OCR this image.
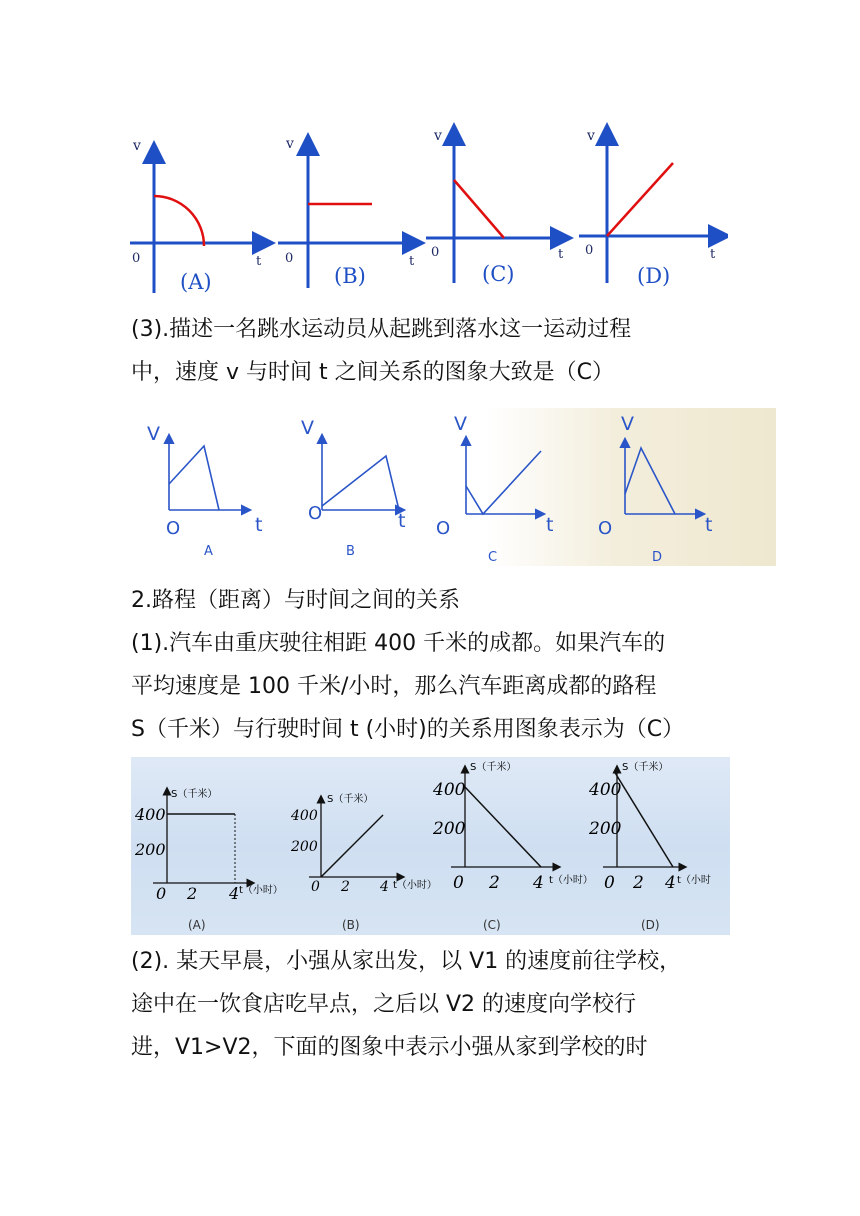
v
0	t
(A)
v
0	t
(B)
v
0	t
(C)
v
0	t
(D)

(3).描述一名跳水运动员从起跳到落水这一运动过程
中，速度 v 与时间 t 之间关系的图象大致是（C）

V
O	t
A
V
O	t
B
V
O	t
C
V
O	t
D

2.路程（距离）与时间之间的关系

(1).汽车由重庆驶往相距 400 千米的成都。如果汽车的
平均速度是 100 千米/小时，那么汽车距离成都的路程
S（千米）与行驶时间 t (小时)的关系用图象表示为（C）

S（千米）
400
200
0 2 4 t（小时）
(A)
S（千米）
400
200
0 2 4 t（小时）
(B)
S（千米）
400
200
0 2 4 t（小时）
(C)
S（千米）
400
200
0 2 4 t（小时
(D)

(2). 某天早晨，小强从家出发，以 V1 的速度前往学校，
途中在一饮食店吃早点，之后以 V2 的速度向学校行
进，V1>V2，下面的图象中表示小强从家到学校的时
